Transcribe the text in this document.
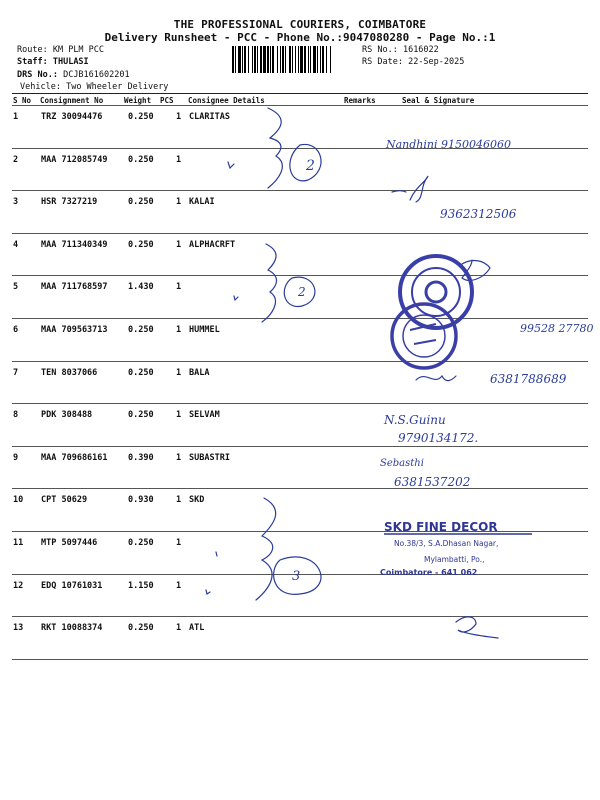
THE PROFESSIONAL COURIERS, COIMBATORE
Delivery Runsheet - PCC - Phone No.:9047080280 - Page No.:1
Route: KM PLM PCC
Staff: THULASI
DRS No.: DCJB161602201
Vehicle: Two Wheeler Delivery
RS No.: 1616022
RS Date: 22-Sep-2025
S No Consignment No	Weight PCS Consignee Details	Remarks	Seal & Signature
1	TRZ 30094476	0.250	1 CLARITAS
2	MAA 712085749 0.250	1
3	HSR 7327219	0.250	1 KALAI
4	MAA 711340349 0.250	1 ALPHACRFT
5	MAA 711768597 1.430	1
6	MAA 709563713 0.250	1 HUMMEL
7	TEN 8037066	0.250	1 BALA
8	PDK 308488	0.250	1 SELVAM
9	MAA 709686161 0.390	1 SUBASTRI
10 CPT 50629	0.930	1 SKD
11 MTP 5097446	0.250	1
12 EDQ 10761031	1.150	1
13 RKT 10088374	0.250	1 ATL
SKD FINE DECOR
No.38/3, S.A.Dhasan Nagar,
Mylambatti, Po.,
Coimbatore - 641 062
Nandhini 9150046060
2
9362312506
2
99528 27780
6381788689
N.S.Guinu
9790134172.
Sebasthi
6381537202
3
